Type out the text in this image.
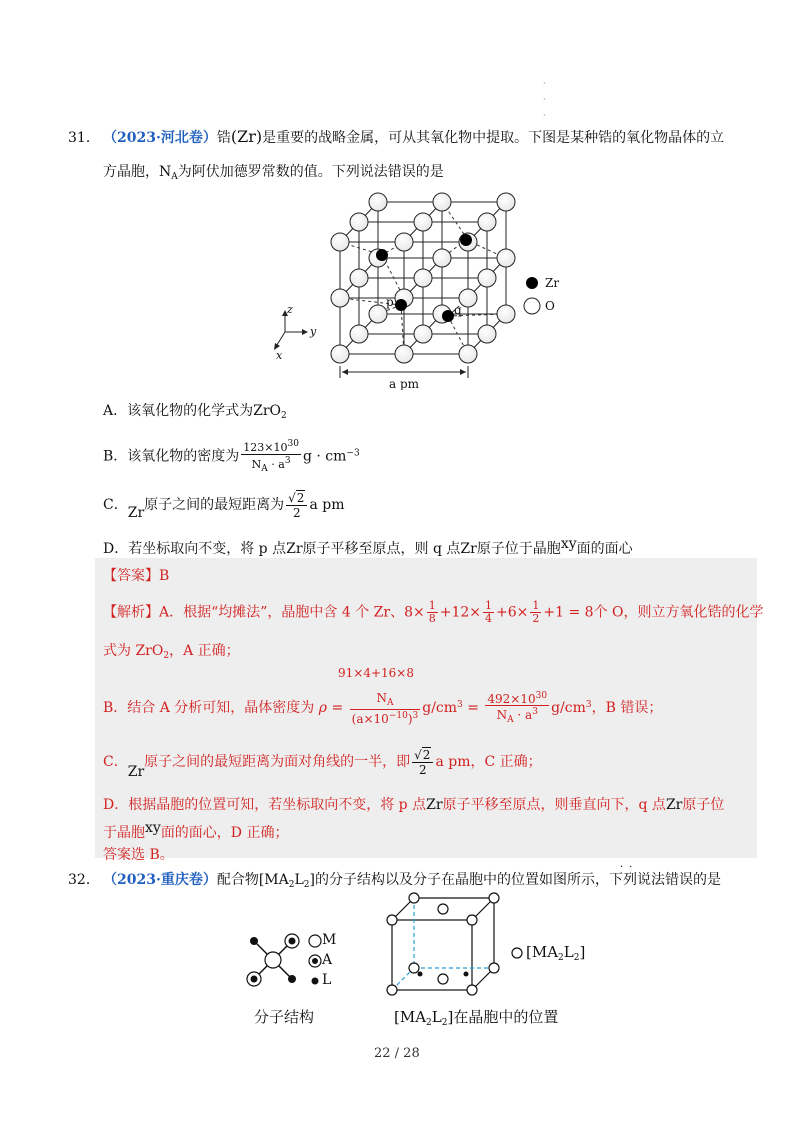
·
·
·
31． （2023·河北卷）锆(Zr)是重要的战略金属，可从其氧化物中提取。下图是某种锆的氧化物晶体的立
方晶胞，$N_A$为阿伏加德罗常数的值。下列说法错误的是
p
q
Zr
O
z
y
x
a pm
A．该氧化物的化学式为ZrO$_2$
B．该氧化物的密度为 $\frac{123\times 10^{30}}{N_A \cdot a^3}$ $g \cdot cm^{-3}$
C．Zr原子之间的最短距离为 $\frac{√2}{2}$ a pm
D．若坐标取向不变，将 p 点Zr原子平移至原点，则 q 点Zr原子位于晶胞xy面的面心
【答案】B
【解析】A．根据“均摊法”，晶胞中含 4 个 Zr、$8\times \frac{1}{8} +12\times \frac{1}{4} +6\times \frac{1}{2} +1 = 8$个 O，则立方氧化锆的化学
式为 ZrO$_2$，A 正确；
91×4+16×8
B．结合 A 分析可知，晶体密度为 $\rho = \frac{N_A}{(a\times 10^{-10})^3} g/cm^3 = \frac{492\times 10^{30}}{N_A \cdot a^3} g/cm^3$，B 错误；
C．Zr原子之间的最短距离为面对角线的一半，即 $\frac{√2}{2}$ a pm，C 正确；
D．根据晶胞的位置可知，若坐标取向不变，将 p 点Zr原子平移至原点，则垂直向下，q 点Zr原子位
于晶胞xy面的面心，D 正确；
答案选 B。
32． （2023·重庆卷）配合物$[MA_2L_2]$的分子结构以及分子在晶胞中的位置如图所示，下列说法错误的是
··
M
A
L
$[MA_2L_2]$
分子结构	$[MA_2L_2]$在晶胞中的位置
22 / 28
